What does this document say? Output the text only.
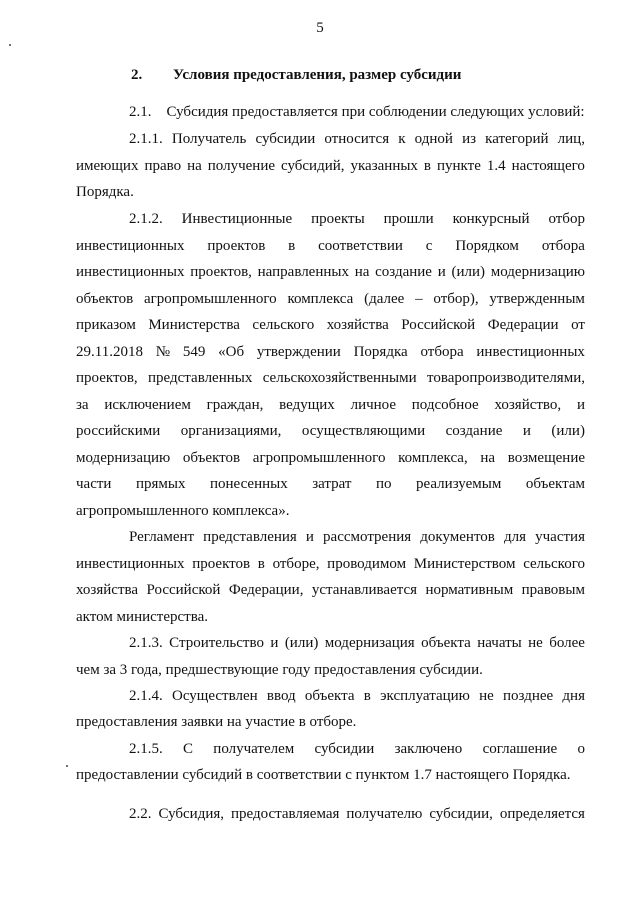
5
2. Условия предоставления, размер субсидии
2.1.    Субсидия предоставляется при соблюдении следующих условий:
2.1.1. Получатель субсидии относится к одной из категорий лиц,
имеющих право на получение субсидий, указанных в пункте 1.4 настоящего
Порядка.
2.1.2. Инвестиционные проекты прошли конкурсный отбор
инвестиционных проектов в соответствии с Порядком отбора
инвестиционных проектов, направленных на создание и (или) модернизацию
объектов агропромышленного комплекса (далее – отбор), утвержденным
приказом Министерства сельского хозяйства Российской Федерации от
29.11.2018 № 549 «Об утверждении Порядка отбора инвестиционных
проектов, представленных сельскохозяйственными товаропроизводителями,
за исключением граждан, ведущих личное подсобное хозяйство, и
российскими организациями, осуществляющими создание и (или)
модернизацию объектов агропромышленного комплекса, на возмещение
части прямых понесенных затрат по реализуемым объектам
агропромышленного комплекса».
Регламент представления и рассмотрения документов для участия
инвестиционных проектов в отборе, проводимом Министерством сельского
хозяйства Российской Федерации, устанавливается нормативным правовым
актом министерства.
2.1.3. Строительство и (или) модернизация объекта начаты не более
чем за 3 года, предшествующие году предоставления субсидии.
2.1.4. Осуществлен ввод объекта в эксплуатацию не позднее дня
предоставления заявки на участие в отборе.
2.1.5. С получателем субсидии заключено соглашение о
предоставлении субсидий в соответствии с пунктом 1.7 настоящего Порядка.
2.2. Субсидия, предоставляемая получателю субсидии, определяется
